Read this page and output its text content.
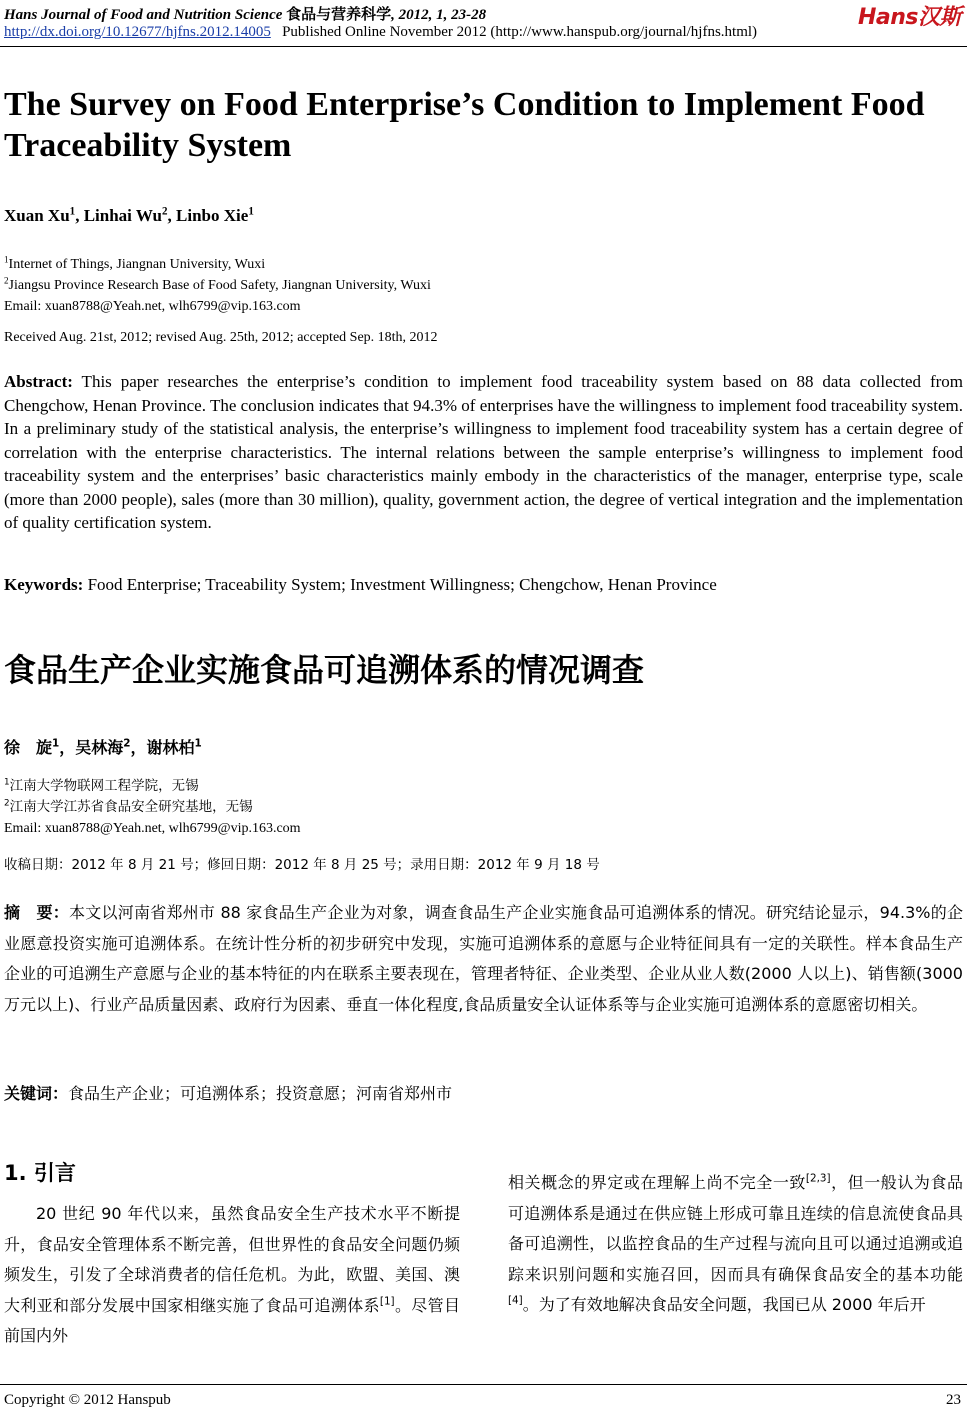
Hans Journal of Food and Nutrition Science 食品与营养科学, 2012, 1, 23-28
http://dx.doi.org/10.12677/hjfns.2012.14005 Published Online November 2012 (http://www.hanspub.org/journal/hjfns.html)
Hans汉斯
The Survey on Food Enterprise’s Condition to Implement Food Traceability System
Xuan Xu$^1$, Linhai Wu$^2$, Linbo Xie$^1$
$^1$Internet of Things, Jiangnan University, Wuxi
$^2$Jiangsu Province Research Base of Food Safety, Jiangnan University, Wuxi
Email: xuan8788@Yeah.net, wlh6799@vip.163.com
Received Aug. 21st, 2012; revised Aug. 25th, 2012; accepted Sep. 18th, 2012
Abstract: This paper researches the enterprise’s condition to implement food traceability system based on 88 data collected from Chengchow, Henan Province. The conclusion indicates that 94.3% of enterprises have the willingness to implement food traceability system. In a preliminary study of the statistical analysis, the enterprise’s willingness to implement food traceability system has a certain degree of correlation with the enterprise characteristics. The internal relations between the sample enterprise’s willingness to implement food traceability system and the enterprises’ basic characteristics mainly embody in the characteristics of the manager, enterprise type, scale (more than 2000 people), sales (more than 30 million), quality, government action, the degree of vertical integration and the implementation of quality certification system.
Keywords: Food Enterprise; Traceability System; Investment Willingness; Chengchow, Henan Province
食品生产企业实施食品可追溯体系的情况调查
徐　旋$^1$，吴林海$^2$，谢林柏$^1$
$^1$江南大学物联网工程学院，无锡
$^2$江南大学江苏省食品安全研究基地，无锡
Email: xuan8788@Yeah.net, wlh6799@vip.163.com
收稿日期：2012 年 8 月 21 号；修回日期：2012 年 8 月 25 号；录用日期：2012 年 9 月 18 号
摘　要：本文以河南省郑州市 88 家食品生产企业为对象，调查食品生产企业实施食品可追溯体系的情况。研究结论显示，94.3%的企业愿意投资实施可追溯体系。在统计性分析的初步研究中发现，实施可追溯体系的意愿与企业特征间具有一定的关联性。样本食品生产企业的可追溯生产意愿与企业的基本特征的内在联系主要表现在，管理者特征、企业类型、企业从业人数(2000 人以上)、销售额(3000 万元以上)、行业产品质量因素、政府行为因素、垂直一体化程度,食品质量安全认证体系等与企业实施可追溯体系的意愿密切相关。
关键词：食品生产企业；可追溯体系；投资意愿；河南省郑州市
1. 引言
20 世纪 90 年代以来，虽然食品安全生产技术水平不断提升，食品安全管理体系不断完善，但世界性的食品安全问题仍频频发生，引发了全球消费者的信任危机。为此，欧盟、美国、澳大利亚和部分发展中国家相继实施了食品可追溯体系[1]。尽管目前国内外
相关概念的界定或在理解上尚不完全一致[2,3]，但一般认为食品可追溯体系是通过在供应链上形成可靠且连续的信息流使食品具备可追溯性，以监控食品的生产过程与流向且可以通过追溯或追踪来识别问题和实施召回，因而具有确保食品安全的基本功能[4]。为了有效地解决食品安全问题，我国已从 2000 年后开
Copyright © 2012 Hanspub	23
